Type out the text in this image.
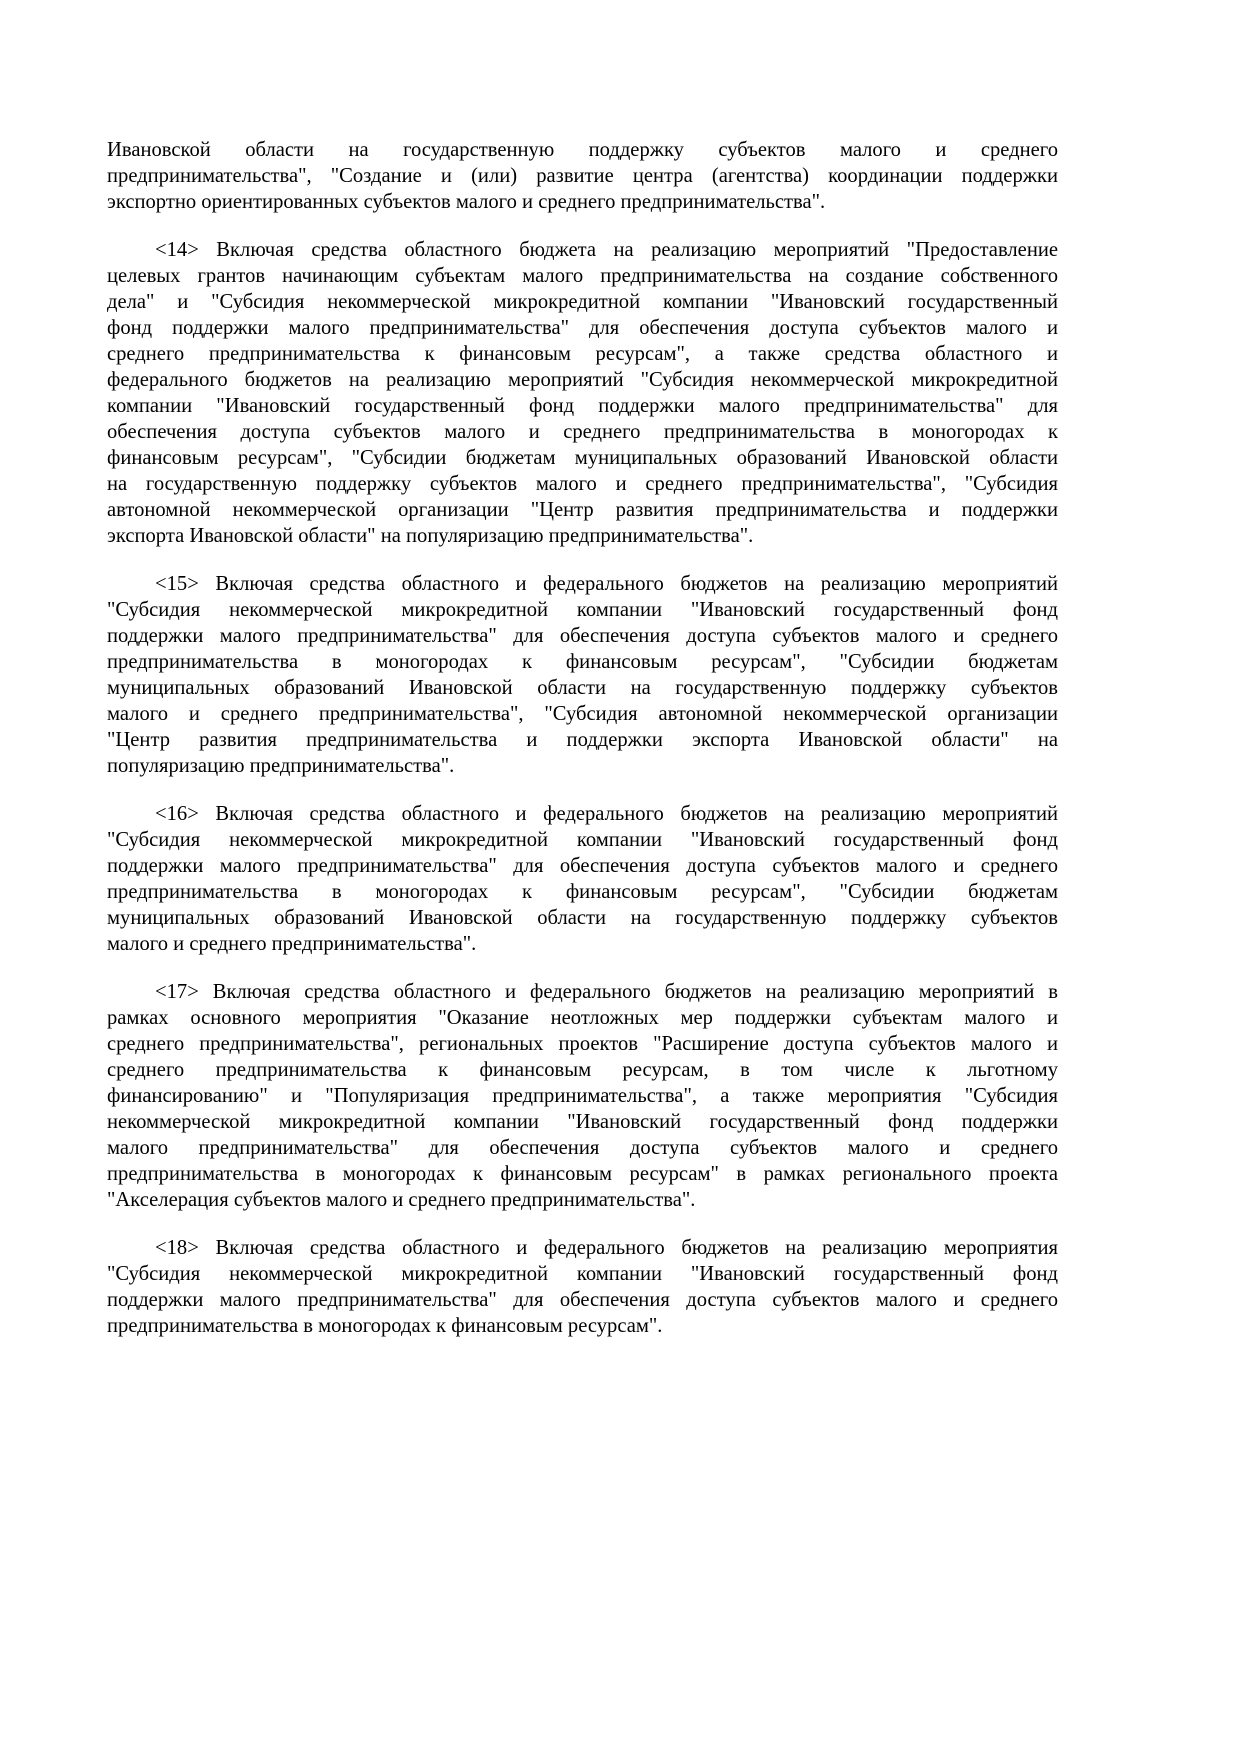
Ивановской области на государственную поддержку субъектов малого и среднего
предпринимательства", "Создание и (или) развитие центра (агентства) координации поддержки
экспортно ориентированных субъектов малого и среднего предпринимательства".
<14> Включая средства областного бюджета на реализацию мероприятий "Предоставление
целевых грантов начинающим субъектам малого предпринимательства на создание собственного
дела" и "Субсидия некоммерческой микрокредитной компании "Ивановский государственный
фонд поддержки малого предпринимательства" для обеспечения доступа субъектов малого и
среднего предпринимательства к финансовым ресурсам", а также средства областного и
федерального бюджетов на реализацию мероприятий "Субсидия некоммерческой микрокредитной
компании "Ивановский государственный фонд поддержки малого предпринимательства" для
обеспечения доступа субъектов малого и среднего предпринимательства в моногородах к
финансовым ресурсам", "Субсидии бюджетам муниципальных образований Ивановской области
на государственную поддержку субъектов малого и среднего предпринимательства", "Субсидия
автономной некоммерческой организации "Центр развития предпринимательства и поддержки
экспорта Ивановской области" на популяризацию предпринимательства".
<15> Включая средства областного и федерального бюджетов на реализацию мероприятий
"Субсидия некоммерческой микрокредитной компании "Ивановский государственный фонд
поддержки малого предпринимательства" для обеспечения доступа субъектов малого и среднего
предпринимательства в моногородах к финансовым ресурсам", "Субсидии бюджетам
муниципальных образований Ивановской области на государственную поддержку субъектов
малого и среднего предпринимательства", "Субсидия автономной некоммерческой организации
"Центр развития предпринимательства и поддержки экспорта Ивановской области" на
популяризацию предпринимательства".
<16> Включая средства областного и федерального бюджетов на реализацию мероприятий
"Субсидия некоммерческой микрокредитной компании "Ивановский государственный фонд
поддержки малого предпринимательства" для обеспечения доступа субъектов малого и среднего
предпринимательства в моногородах к финансовым ресурсам", "Субсидии бюджетам
муниципальных образований Ивановской области на государственную поддержку субъектов
малого и среднего предпринимательства".
<17> Включая средства областного и федерального бюджетов на реализацию мероприятий в
рамках основного мероприятия "Оказание неотложных мер поддержки субъектам малого и
среднего предпринимательства", региональных проектов "Расширение доступа субъектов малого и
среднего предпринимательства к финансовым ресурсам, в том числе к льготному
финансированию" и "Популяризация предпринимательства", а также мероприятия "Субсидия
некоммерческой микрокредитной компании "Ивановский государственный фонд поддержки
малого предпринимательства" для обеспечения доступа субъектов малого и среднего
предпринимательства в моногородах к финансовым ресурсам" в рамках регионального проекта
"Акселерация субъектов малого и среднего предпринимательства".
<18> Включая средства областного и федерального бюджетов на реализацию мероприятия
"Субсидия некоммерческой микрокредитной компании "Ивановский государственный фонд
поддержки малого предпринимательства" для обеспечения доступа субъектов малого и среднего
предпринимательства в моногородах к финансовым ресурсам".
